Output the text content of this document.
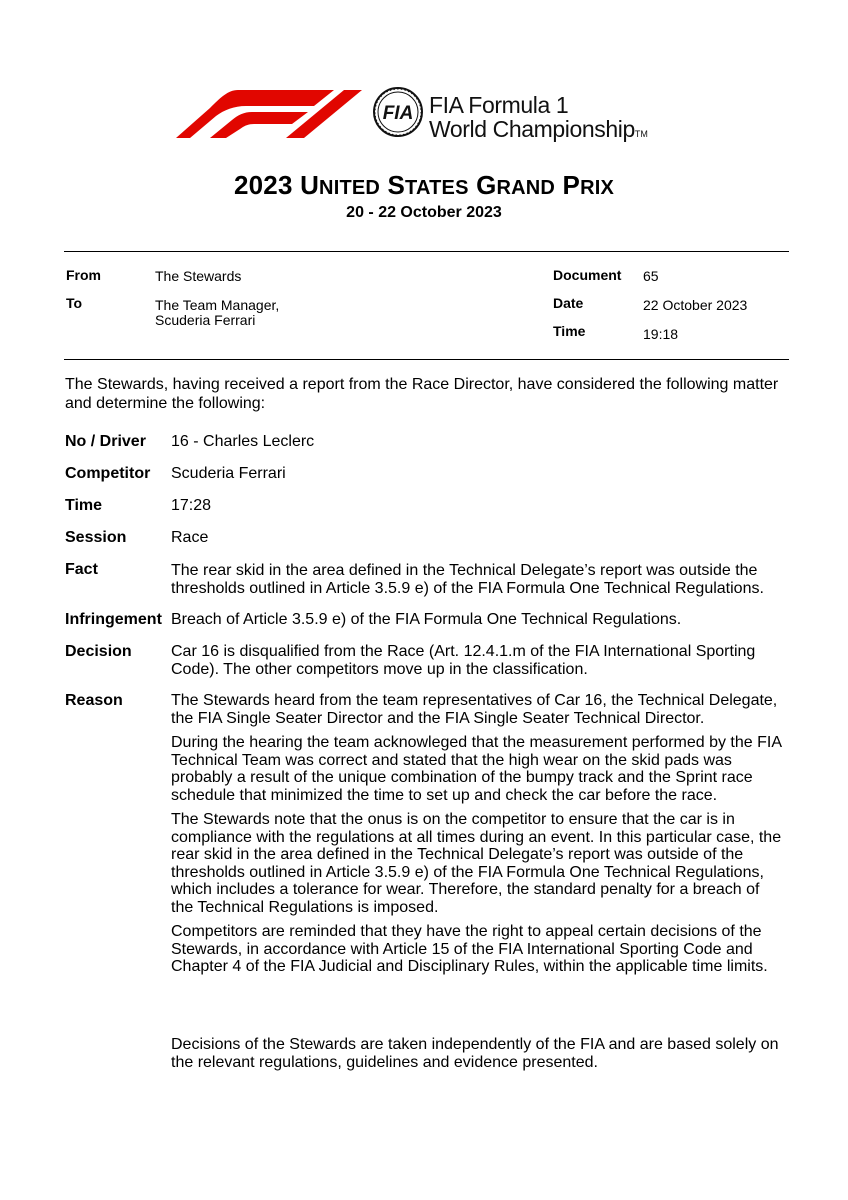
FIA FIA Formula 1
World ChampionshipTM
2023 UNITED STATES GRAND PRIX
20 - 22 October 2023
From	The Stewards
To	The Team Manager,
Scuderia Ferrari
Document 65
Date	22 October 2023
Time	19:18
The Stewards, having received a report from the Race Director, have considered the following matter and determine the following:
No / Driver 16 - Charles Leclerc
Competitor Scuderia Ferrari
Time	17:28
Session	Race
Fact	The rear skid in the area defined in the Technical Delegate’s report was outside the thresholds outlined in Article 3.5.9 e) of the FIA Formula One Technical Regulations.
Infringement Breach of Article 3.5.9 e) of the FIA Formula One Technical Regulations.
Decision Car 16 is disqualified from the Race (Art. 12.4.1.m of the FIA International Sporting Code). The other competitors move up in the classification.
Reason	The Stewards heard from the team representatives of Car 16, the Technical Delegate, the FIA Single Seater Director and the FIA Single Seater Technical Director.

During the hearing the team acknowleged that the measurement performed by the FIA Technical Team was correct and stated that the high wear on the skid pads was probably a result of the unique combination of the bumpy track and the Sprint race schedule that minimized the time to set up and check the car before the race.

The Stewards note that the onus is on the competitor to ensure that the car is in compliance with the regulations at all times during an event. In this particular case, the rear skid in the area defined in the Technical Delegate’s report was outside of the thresholds outlined in Article 3.5.9 e) of the FIA Formula One Technical Regulations, which includes a tolerance for wear. Therefore, the standard penalty for a breach of the Technical Regulations is imposed.

Competitors are reminded that they have the right to appeal certain decisions of the Stewards, in accordance with Article 15 of the FIA International Sporting Code and Chapter 4 of the FIA Judicial and Disciplinary Rules, within the applicable time limits.

Decisions of the Stewards are taken independently of the FIA and are based solely on the relevant regulations, guidelines and evidence presented.
